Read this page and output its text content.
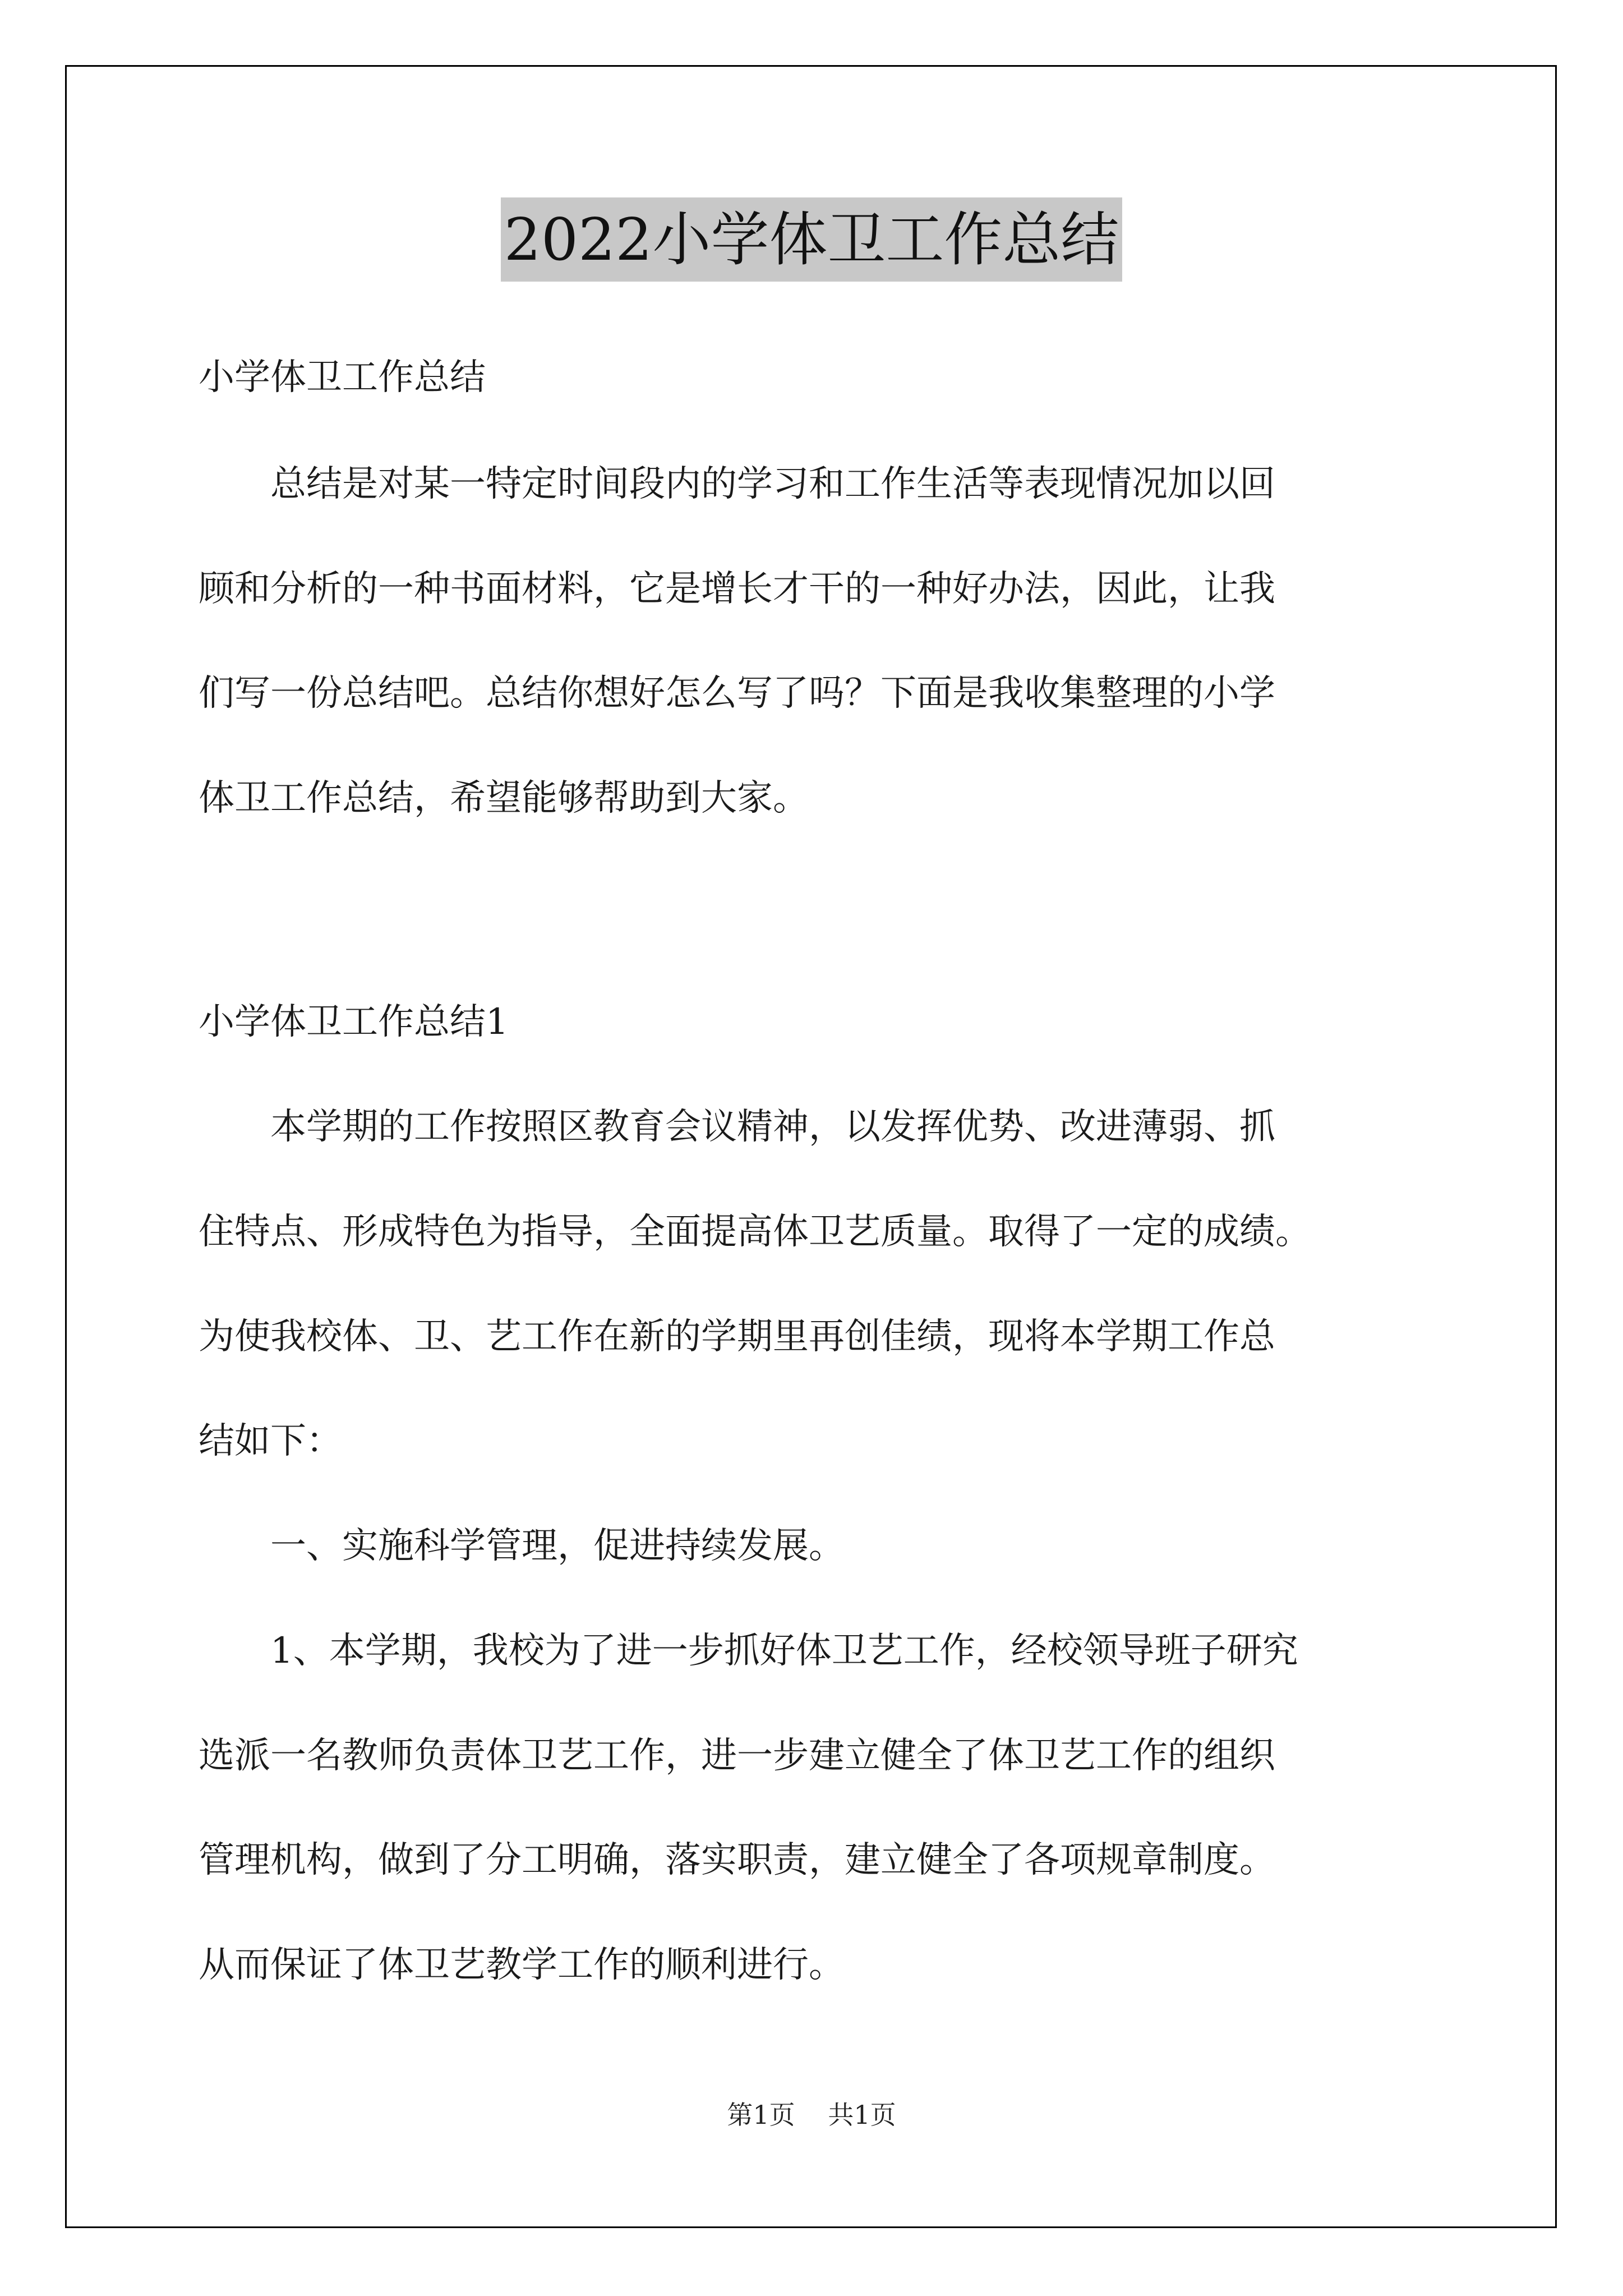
2022小学体卫工作总结
小学体卫工作总结
　　总结是对某一特定时间段内的学习和工作生活等表现情况加以回
顾和分析的一种书面材料，它是增长才干的一种好办法，因此，让我
们写一份总结吧。总结你想好怎么写了吗？下面是我收集整理的小学
体卫工作总结，希望能够帮助到大家。
小学体卫工作总结1
　　本学期的工作按照区教育会议精神，以发挥优势、改进薄弱、抓
住特点、形成特色为指导，全面提高体卫艺质量。取得了一定的成绩。
为使我校体、卫、艺工作在新的学期里再创佳绩，现将本学期工作总
结如下：
　　一、实施科学管理，促进持续发展。
　　1、本学期，我校为了进一步抓好体卫艺工作，经校领导班子研究
选派一名教师负责体卫艺工作，进一步建立健全了体卫艺工作的组织
管理机构，做到了分工明确，落实职责，建立健全了各项规章制度。
从而保证了体卫艺教学工作的顺利进行。
第1页 共1页
